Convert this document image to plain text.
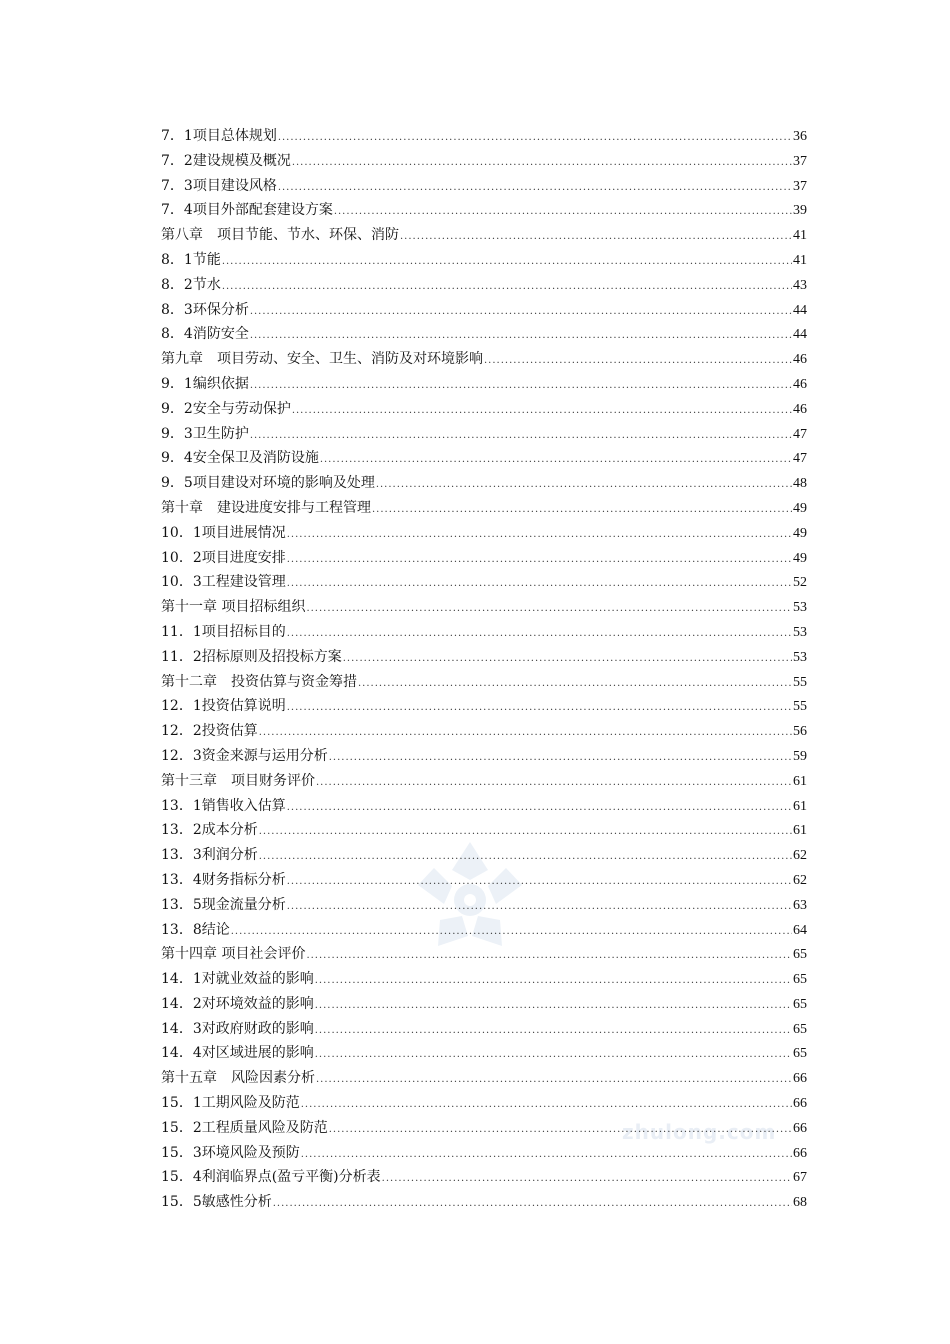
zhulong.com
7．1项目总体规划 .....	36
7．2建设规模及概况 .....	37
7．3项目建设风格 .....	37
7．4项目外部配套建设方案 .....	39
第八章　项目节能、节水、环保、消防 .....	41
8．1节能 .....	41
8．2节水 .....	43
8．3环保分析 .....	44
8．4消防安全 .....	44
第九章　项目劳动、安全、卫生、消防及对环境影响 .....	46
9．1编织依据 .....	46
9．2安全与劳动保护 .....	46
9．3卫生防护 .....	47
9．4安全保卫及消防设施 .....	47
9．5项目建设对环境的影响及处理 .....	48
第十章　建设进度安排与工程管理 .....	49
10．1项目进展情况 .....	49
10．2项目进度安排 .....	49
10．3工程建设管理 .....	52
第十一章 项目招标组织 .....	53
11．1项目招标目的 .....	53
11．2招标原则及招投标方案 .....	53
第十二章　投资估算与资金筹措 .....	55
12．1投资估算说明 .....	55
12．2投资估算 .....	56
12．3资金来源与运用分析 .....	59
第十三章　项目财务评价 .....	61
13．1销售收入估算 .....	61
13．2成本分析 .....	61
13．3利润分析 .....	62
13．4财务指标分析 .....	62
13．5现金流量分析 .....	63
13．8结论 .....	64
第十四章 项目社会评价 .....	65
14．1对就业效益的影响 .....	65
14．2对环境效益的影响 .....	65
14．3对政府财政的影响 .....	65
14．4对区域进展的影响 .....	65
第十五章　风险因素分析 .....	66
15．1工期风险及防范 .....	66
15．2工程质量风险及防范 .....	66
15．3环境风险及预防 .....	66
15．4利润临界点(盈亏平衡)分析表 .....	67
15．5敏感性分析 .....	68
